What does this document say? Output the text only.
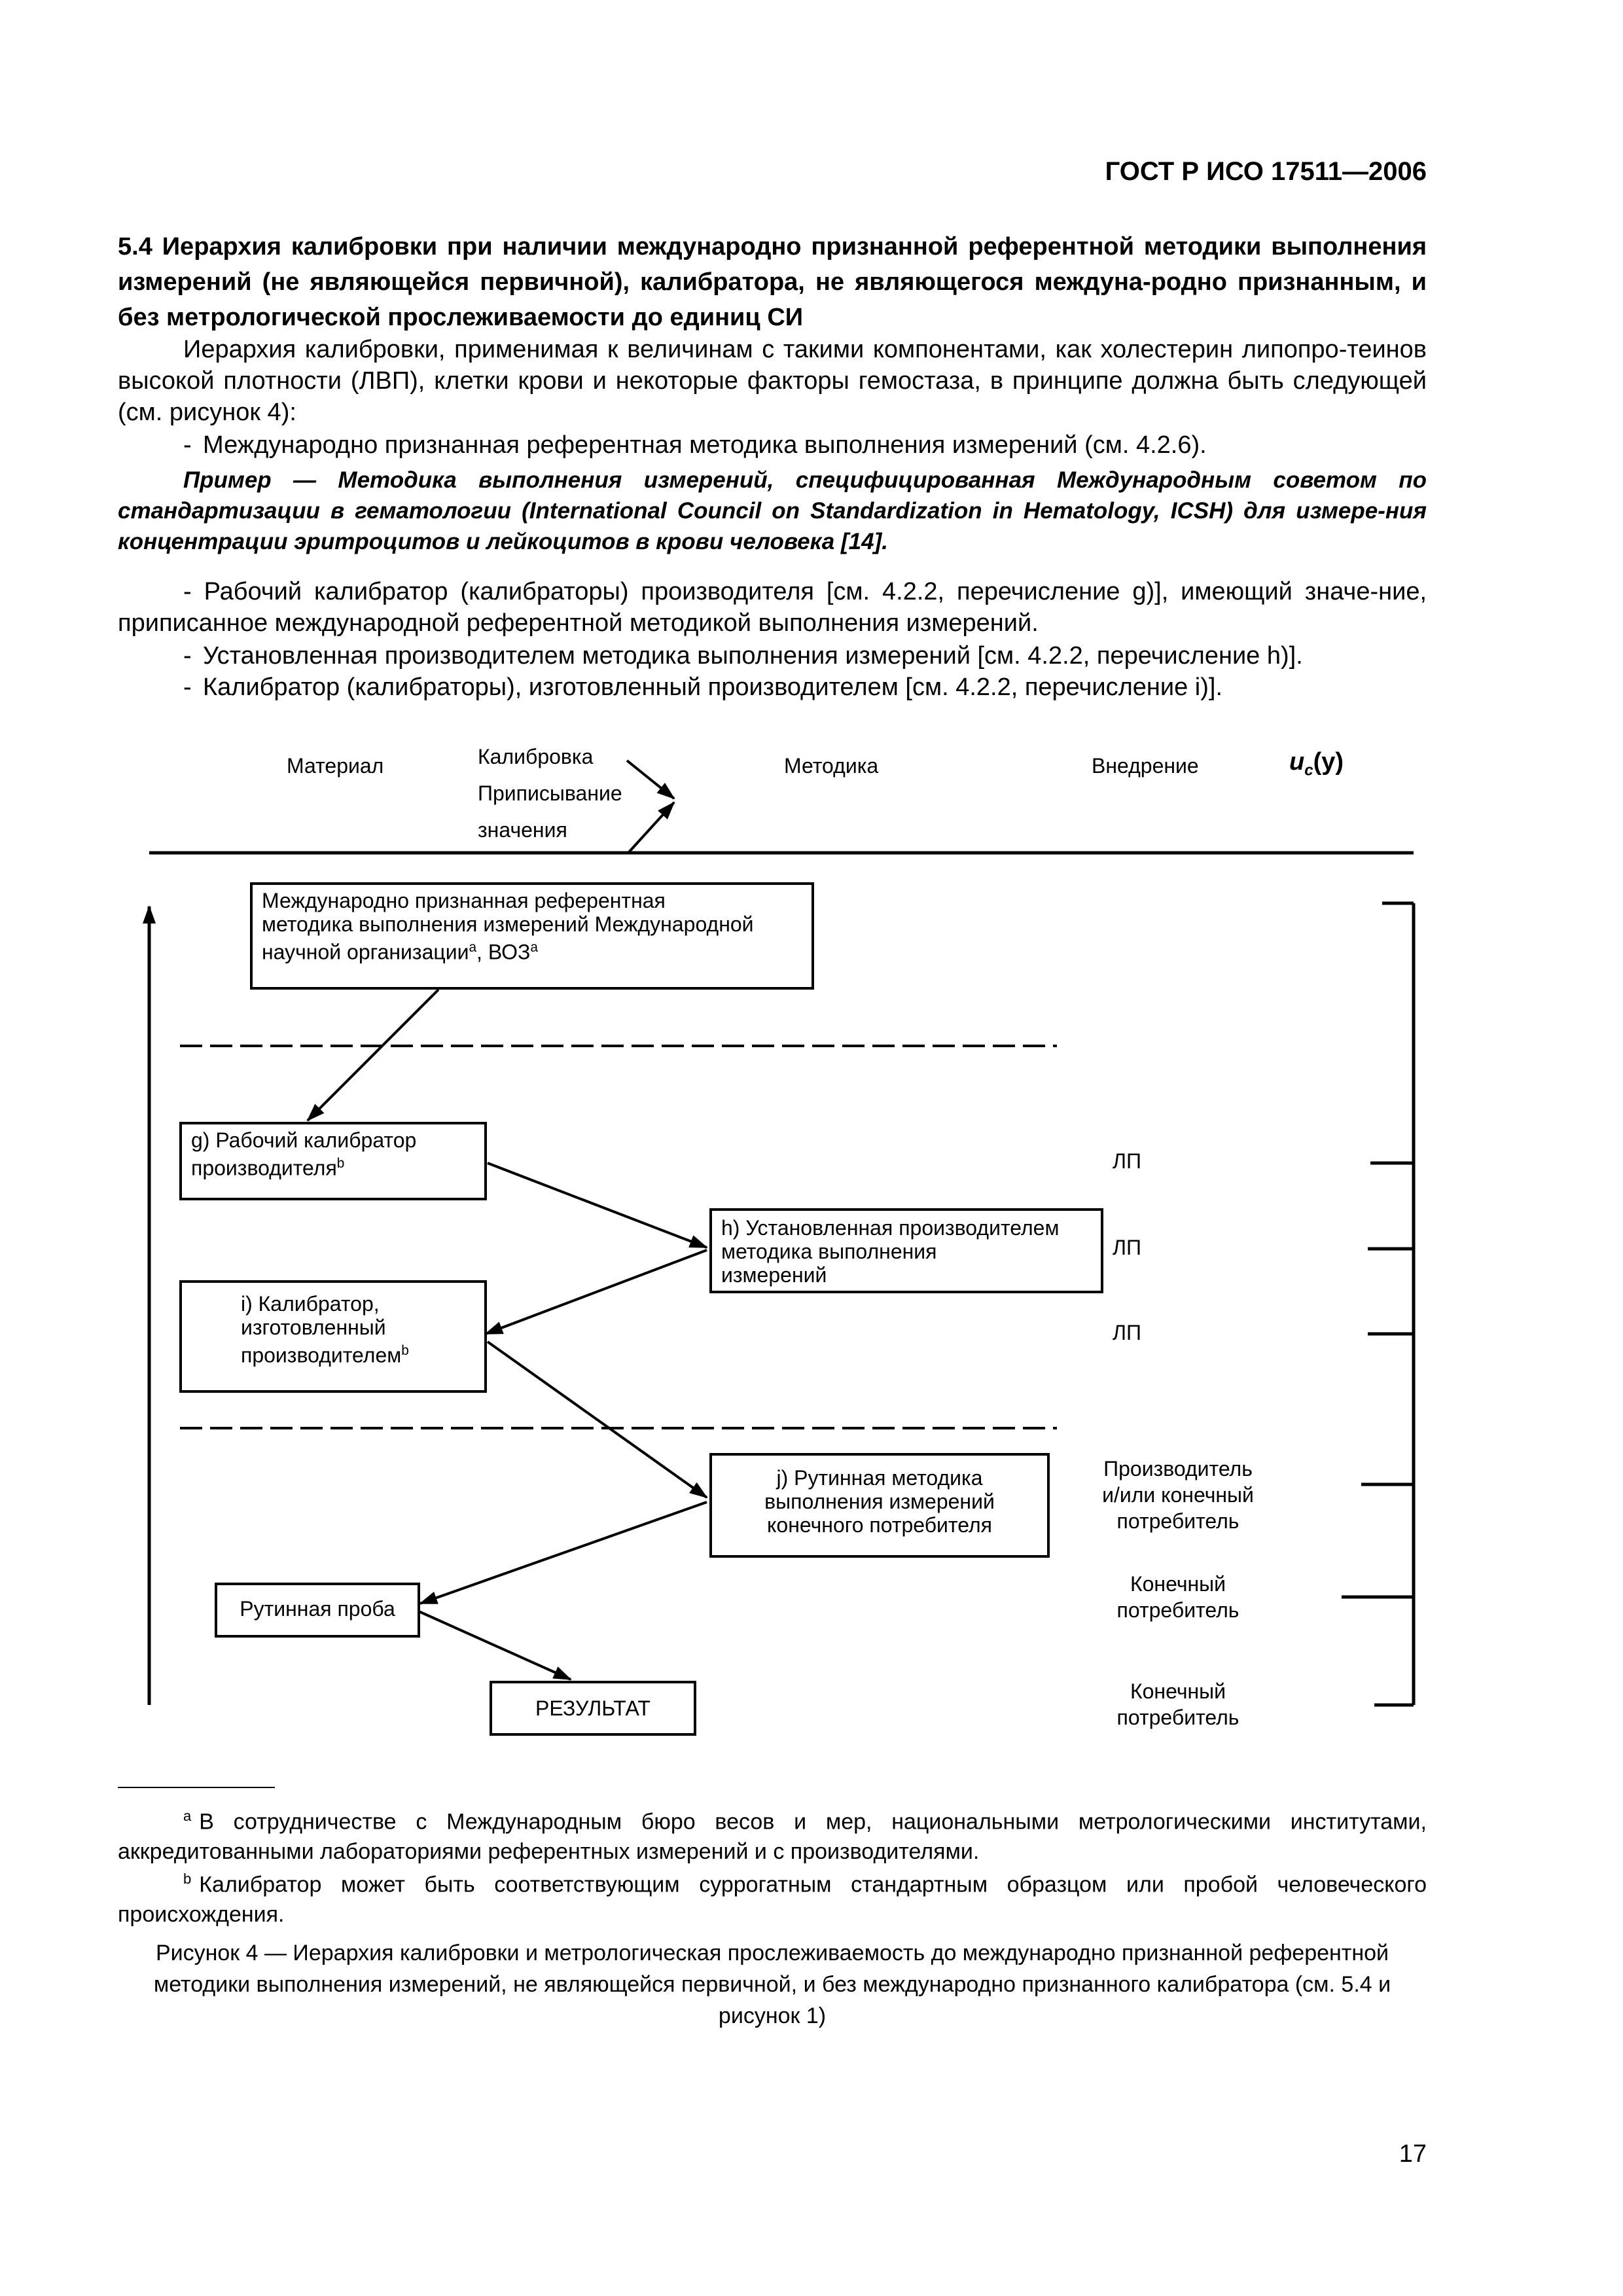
ГОСТ Р ИСО 17511—2006
5.4 Иерархия калибровки при наличии международно признанной референтной методики выполнения измерений (не являющейся первичной), калибратора, не являющегося междуна-родно признанным, и без метрологической прослеживаемости до единиц СИ
Иерархия калибровки, применимая к величинам с такими компонентами, как холестерин липопро-теинов высокой плотности (ЛВП), клетки крови и некоторые факторы гемостаза, в принципе должна быть следующей (см. рисунок 4):
- Международно признанная референтная методика выполнения измерений (см. 4.2.6).
Пример — Методика выполнения измерений, специфицированная Международным советом по стандартизации в гематологии (International Council on Standardization in Hematology, ICSH) для измере-ния концентрации эритроцитов и лейкоцитов в крови человека [14].
- Рабочий калибратор (калибраторы) производителя [см. 4.2.2, перечисление g)], имеющий значе-ние, приписанное международной референтной методикой выполнения измерений.
- Установленная производителем методика выполнения измерений [см. 4.2.2, перечисление h)].
- Калибратор (калибраторы), изготовленный производителем [см. 4.2.2, перечисление i)].
Материал	Калибровка
Приписывание
значения
Методика	Внедрение	$u_c(y)$
Международно признанная референтная
методика выполнения измерений Международной
научной организации$^a$, ВОЗ$^a$
g) Рабочий калибратор
производителя$^b$
h) Установленная производителем
методика выполнения
измерений
i) Калибратор,
изготовленный
производителем$^b$
j) Рутинная методика
выполнения измерений
конечного потребителя
Рутинная проба
РЕЗУЛЬТАТ
ЛП
ЛП
ЛП
Производитель
и/или конечный
потребитель
Конечный
потребитель
Конечный
потребитель
$^a$ В сотрудничестве с Международным бюро весов и мер, национальными метрологическими институтами, аккредитованными лабораториями референтных измерений и с производителями.
$^b$ Калибратор может быть соответствующим суррогатным стандартным образцом или пробой человеческого происхождения.
Рисунок 4 — Иерархия калибровки и метрологическая прослеживаемость до международно признанной референтной методики выполнения измерений, не являющейся первичной, и без международно признанного калибратора (см. 5.4 и рисунок 1)
17
